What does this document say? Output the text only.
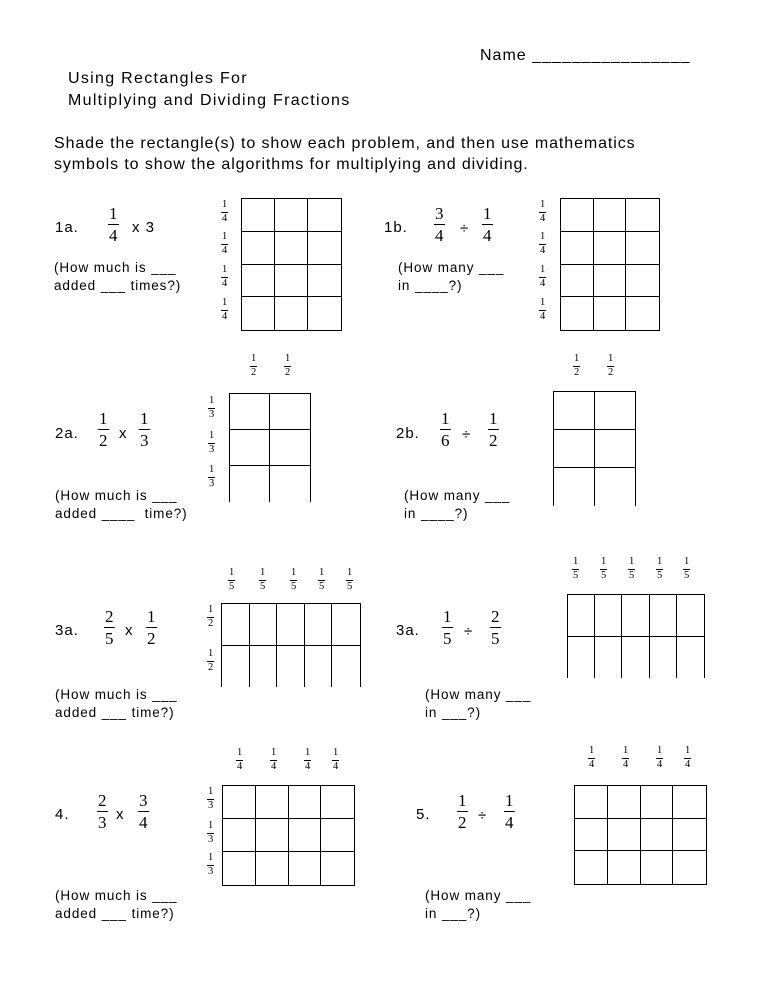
Name ________________
Using Rectangles For
Multiplying and Dividing Fractions
Shade the rectangle(s) to show each problem, and then use mathematics
symbols to show the algorithms for multiplying and dividing.
1a.
1
4 x 3
(How much is ___
added ___ times?)
1
4
1
4
1
4
1
4
1b.
3
4 ÷
1
4
(How many ___
in ____?)
1
4
1
4
1
4
1
4
2a.
1
2 x
1
3
(How much is ___
added ____  time?)
1
2
1
2
1
3
1
3
1
3
2b.
1
6 ÷
1
2
(How many ___
in ____?)
1
2
1
2
3a.
2
5 x
1
2
(How much is ___
added ___ time?)
1
5
1
5
1
5
1
5
1
5
1
2
1
2
3a.
1
5 ÷
2
5
(How many ___
in ___?)
1
5
1
5
1
5
1
5
1
5
4.
2
3 x
3
4
(How much is ___
added ___ time?)
1
4
1
4
1
4
1
4
1
3
1
3
1
3
5.
1
2 ÷
1
4
(How many ___
in ___?)
1
4
1
4
1
4
1
4
